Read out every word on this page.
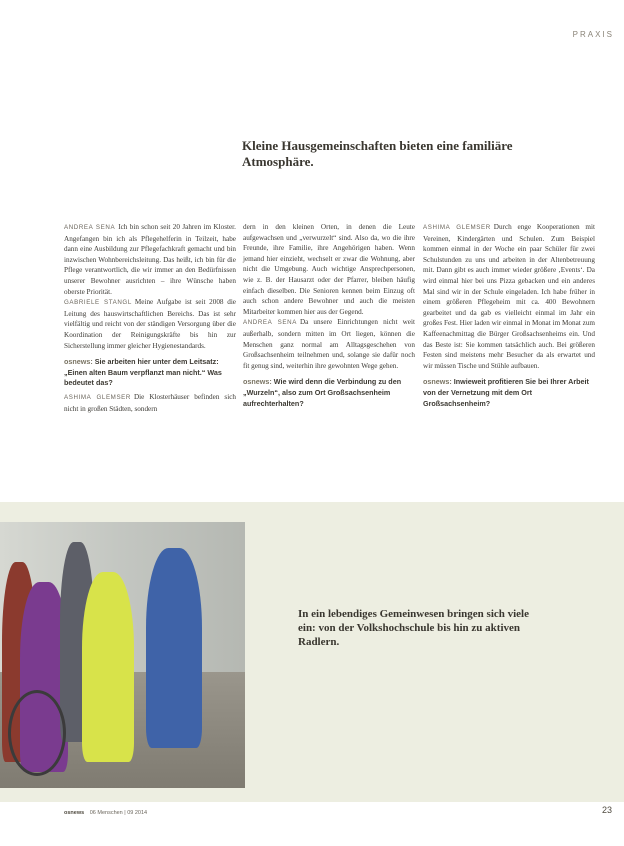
PRAXIS
Kleine Hausgemeinschaften bieten eine familiäre Atmosphäre.

ANDREA SENA Ich bin schon seit 20 Jahren im Kloster. Angefangen bin ich als Pflegehelferin in Teilzeit, habe dann eine Ausbildung zur Pflegefachkraft gemacht und bin inzwischen Wohnbereichsleitung. Das heißt, ich bin für die Pflege verantwortlich, die wir immer an den Bedürfnissen unserer Bewohner ausrichten – ihre Wünsche haben oberste Priorität.

GABRIELE STANGL Meine Aufgabe ist seit 2008 die Leitung des hauswirtschaftlichen Bereichs. Das ist sehr vielfältig und reicht von der ständigen Versorgung über die Koordination der Reinigungskräfte bis hin zur Sicherstellung immer gleicher Hygienestandards.

osnews: Sie arbeiten hier unter dem Leitsatz: „Einen alten Baum verpflanzt man nicht.“ Was bedeutet das?

ASHIMA GLEMSER Die Klosterhäuser befinden sich nicht in großen Städten, sondern

dern in den kleinen Orten, in denen die Leute aufgewachsen und „verwurzelt“ sind. Also da, wo die ihre Freunde, ihre Familie, ihre Angehörigen haben. Wenn jemand hier einzieht, wechselt er zwar die Wohnung, aber nicht die Umgebung. Auch wichtige Ansprechpersonen, wie z. B. der Hausarzt oder der Pfarrer, bleiben häufig einfach dieselben. Die Senioren kennen beim Einzug oft auch schon andere Bewohner und auch die meisten Mitarbeiter kommen hier aus der Gegend.

ANDREA SENA Da unsere Einrichtungen nicht weit außerhalb, sondern mitten im Ort liegen, können die Menschen ganz normal am Alltagsgeschehen von Großsachsenheim teilnehmen und, solange sie dafür noch fit genug sind, weiterhin ihre gewohnten Wege gehen.

osnews: Wie wird denn die Verbindung zu den „Wurzeln“, also zum Ort Großsachsenheim aufrechterhalten?

ASHIMA GLEMSER Durch enge Kooperationen mit Vereinen, Kindergärten und Schulen. Zum Beispiel kommen einmal in der Woche ein paar Schüler für zwei Schulstunden zu uns und arbeiten in der Altenbetreuung mit. Dann gibt es auch immer wieder größere ‚Events‘. Da wird einmal hier bei uns Pizza gebacken und ein anderes Mal sind wir in der Schule eingeladen. Ich habe früher in einem größeren Pflegeheim mit ca. 400 Bewohnern gearbeitet und da gab es vielleicht einmal im Jahr ein großes Fest. Hier laden wir einmal in Monat im Monat zum Kaffeenachmittag die Bürger Großsachsenheims ein. Und das Beste ist: Sie kommen tatsächlich auch. Bei größeren Festen sind meistens mehr Besucher da als erwartet und wir müssen Tische und Stühle aufbauen.

osnews: Inwieweit profitieren Sie bei Ihrer Arbeit von der Vernetzung mit dem Ort Großsachsenheim?

In ein lebendiges Gemeinwesen bringen sich viele ein: von der Volkshochschule bis hin zu aktiven Radlern.
osnews 06 Menschen | 09 2014	23
